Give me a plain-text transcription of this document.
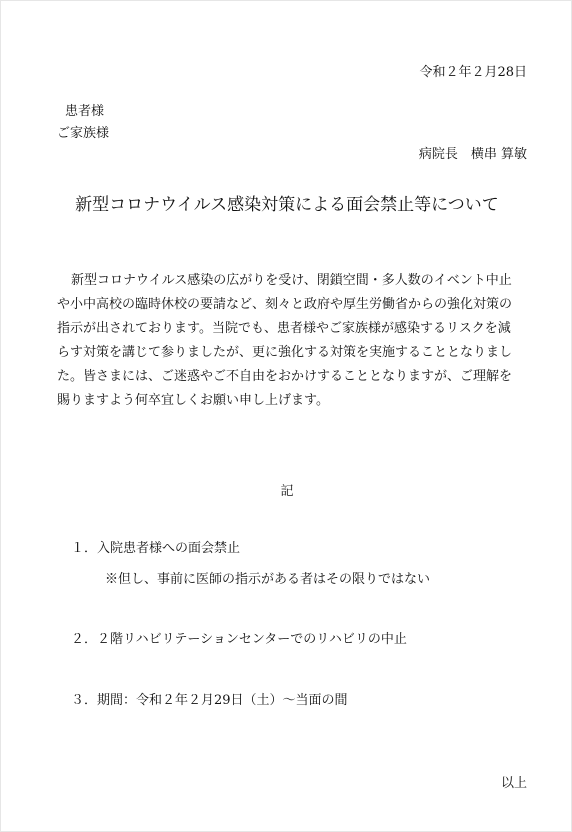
令和２年２月28日
患者様
ご家族様
病院長　横串 算敏
新型コロナウイルス感染対策による面会禁止等について
新型コロナウイルス感染の広がりを受け、閉鎖空間・多人数のイベント中止
や小中高校の臨時休校の要請など、刻々と政府や厚生労働省からの強化対策の
指示が出されております。当院でも、患者様やご家族様が感染するリスクを減
らす対策を講じて参りましたが、更に強化する対策を実施することとなりまし
た。皆さまには、ご迷惑やご不自由をおかけすることとなりますが、ご理解を
賜りますよう何卒宜しくお願い申し上げます。
記
１．入院患者様への面会禁止
※但し、事前に医師の指示がある者はその限りではない
２．２階リハビリテーションセンターでのリハビリの中止
３．期間：令和２年２月29日（土）～当面の間
以上
